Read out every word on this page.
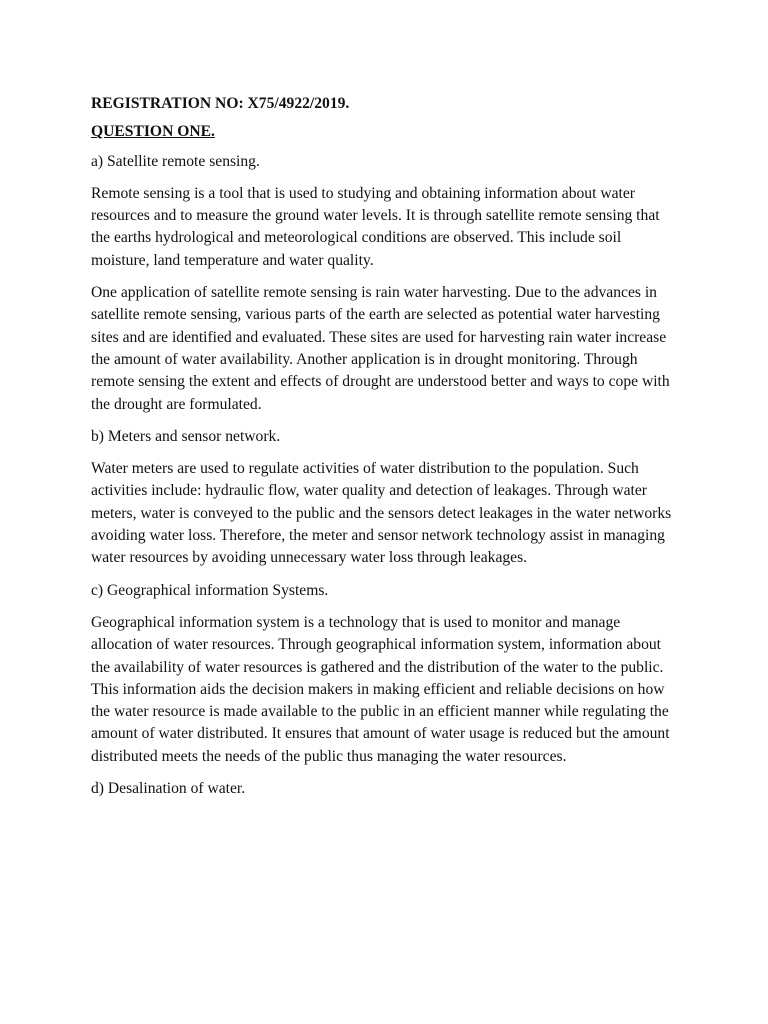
REGISTRATION NO: X75/4922/2019.

QUESTION ONE.

a) Satellite remote sensing.

Remote sensing is a tool that is used to studying and obtaining information about water resources and to measure the ground water levels. It is through satellite remote sensing that the earths hydrological and meteorological conditions are observed. This include soil moisture, land temperature and water quality.

One application of satellite remote sensing is rain water harvesting. Due to the advances in satellite remote sensing, various parts of the earth are selected as potential water harvesting sites and are identified and evaluated. These sites are used for harvesting rain water increase the amount of water availability. Another application is in drought monitoring. Through remote sensing the extent and effects of drought are understood better and ways to cope with the drought are formulated.

b) Meters and sensor network.

Water meters are used to regulate activities of water distribution to the population. Such activities include: hydraulic flow, water quality and detection of leakages. Through water meters, water is conveyed to the public and the sensors detect leakages in the water networks avoiding water loss. Therefore, the meter and sensor network technology assist in managing water resources by avoiding unnecessary water loss through leakages.

c) Geographical information Systems.

Geographical information system is a technology that is used to monitor and manage allocation of water resources. Through geographical information system, information about the availability of water resources is gathered and the distribution of the water to the public. This information aids the decision makers in making efficient and reliable decisions on how the water resource is made available to the public in an efficient manner while regulating the amount of water distributed. It ensures that amount of water usage is reduced but the amount distributed meets the needs of the public thus managing the water resources.

d) Desalination of water.
